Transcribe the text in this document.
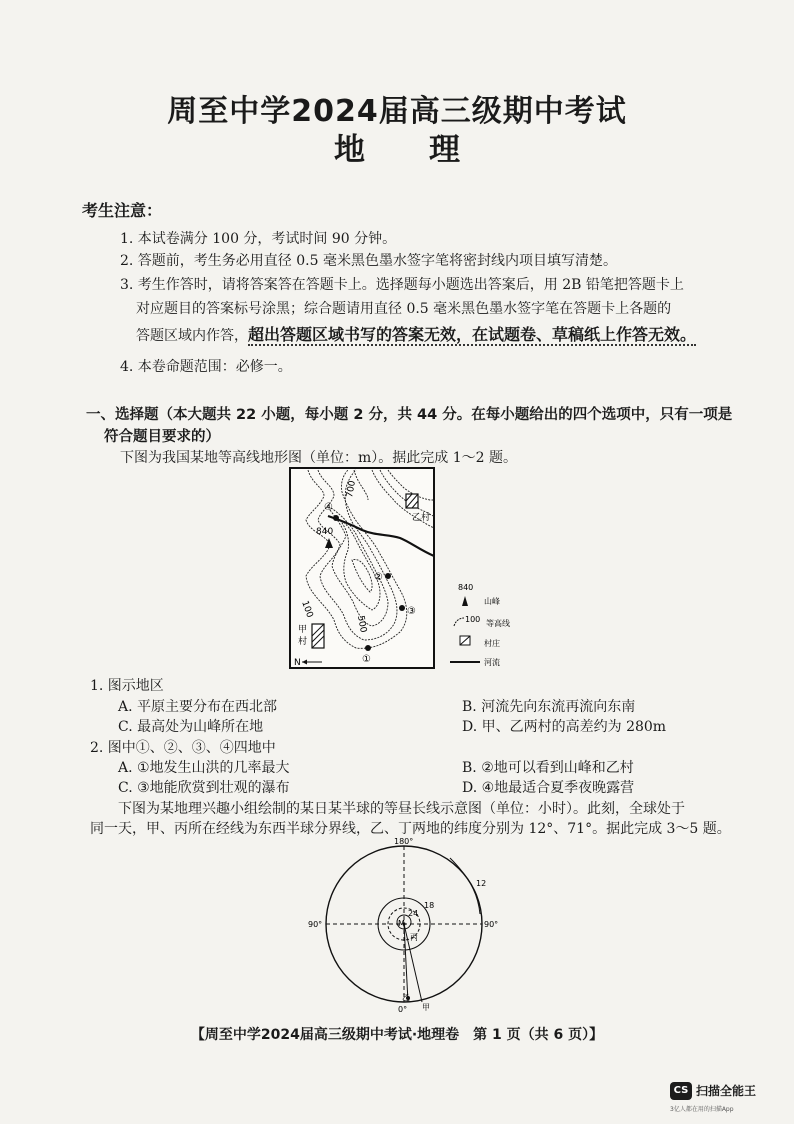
周至中学2024届高三级期中考试
地理
考生注意：
1. 本试卷满分 100 分，考试时间 90 分钟。
2. 答题前，考生务必用直径 0.5 毫米黑色墨水签字笔将密封线内项目填写清楚。
3. 考生作答时，请将答案答在答题卡上。选择题每小题选出答案后，用 2B 铅笔把答题卡上
对应题目的答案标号涂黑；综合题请用直径 0.5 毫米黑色墨水签字笔在答题卡上各题的
答题区域内作答，超出答题区域书写的答案无效，在试题卷、草稿纸上作答无效。
4. 本卷命题范围：必修一。
一、选择题（本大题共 22 小题，每小题 2 分，共 44 分。在每小题给出的四个选项中，只有一项是
符合题目要求的）
下图为我国某地等高线地形图（单位：m）。据此完成 1～2 题。
700
840
100
500
①
②
③
④
乙村
甲
村
N
840
山峰
100 等高线
村庄
河流
1. 图示地区
A. 平原主要分布在西北部	B. 河流先向东流再流向东南
C. 最高处为山峰所在地	D. 甲、乙两村的高差约为 280m
2. 图中①、②、③、④四地中
A. ①地发生山洪的几率最大	B. ②地可以看到山峰和乙村
C. ③地能欣赏到壮观的瀑布	D. ④地最适合夏季夜晚露营
下图为某地理兴趣小组绘制的某日某半球的等昼长线示意图（单位：小时）。此刻，全球处于
同一天，甲、丙所在经线为东西半球分界线，乙、丁两地的纬度分别为 12°、71°。据此完成 3～5 题。
180°
90°	90°
0°
12
18
24
M
丙
乙
甲
【周至中学2024届高三级期中考试·地理卷　第 1 页（共 6 页）】
CS 扫描全能王
3亿人都在用的扫描App
